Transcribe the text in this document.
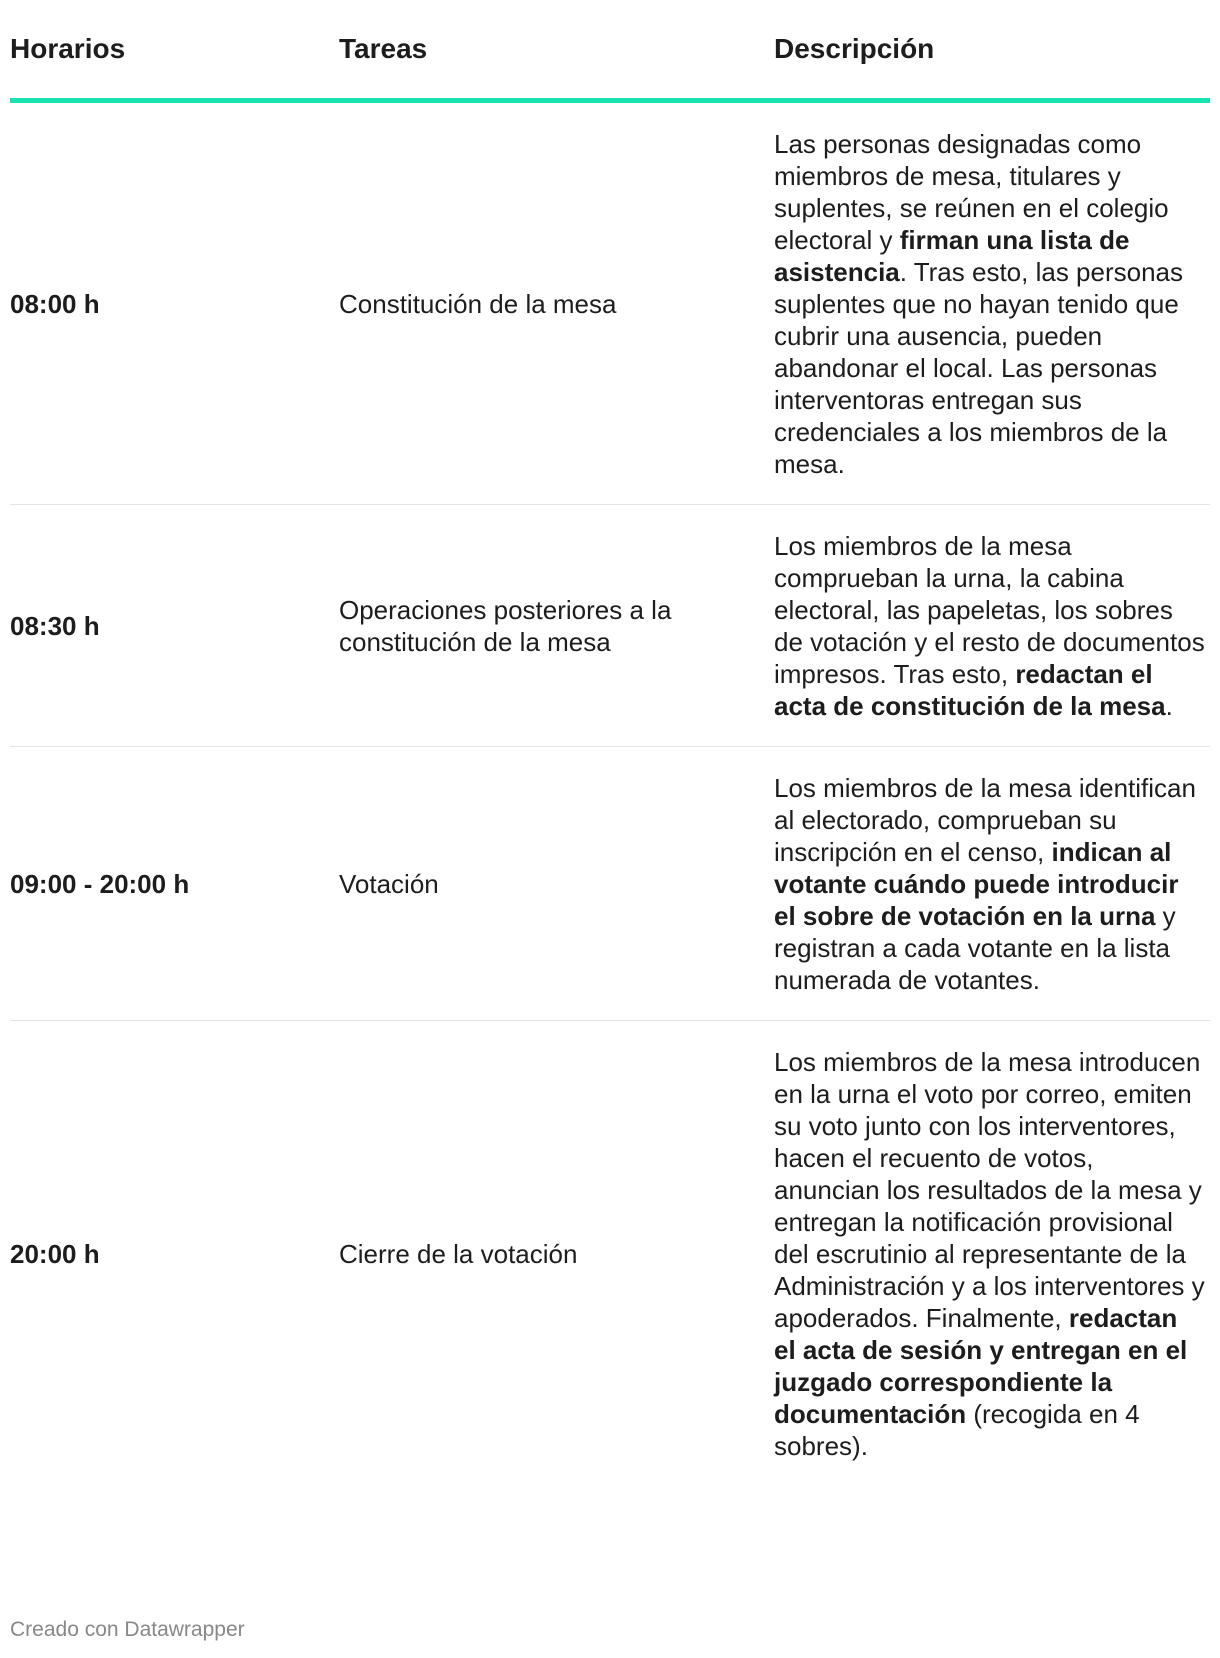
Horarios	Tareas	Descripción
08:00 h	Constitución de la mesa	Las personas designadas como miembros de mesa, titulares y suplentes, se reúnen en el colegio electoral y firman una lista de asistencia. Tras esto, las personas suplentes que no hayan tenido que cubrir una ausencia, pueden abandonar el local. Las personas interventoras entregan sus credenciales a los miembros de la mesa.
08:30 h	Operaciones posteriores a la constitución de la mesa	Los miembros de la mesa comprueban la urna, la cabina electoral, las papeletas, los sobres de votación y el resto de documentos impresos. Tras esto, redactan el acta de constitución de la mesa.
09:00 - 20:00 h	Votación	Los miembros de la mesa identifican al electorado, comprueban su inscripción en el censo, indican al votante cuándo puede introducir el sobre de votación en la urna y registran a cada votante en la lista numerada de votantes.
20:00 h	Cierre de la votación	Los miembros de la mesa introducen en la urna el voto por correo, emiten su voto junto con los interventores, hacen el recuento de votos, anuncian los resultados de la mesa y entregan la notificación provisional del escrutinio al representante de la Administración y a los interventores y apoderados. Finalmente, redactan el acta de sesión y entregan en el juzgado correspondiente la documentación (recogida en 4 sobres).
Creado con Datawrapper
